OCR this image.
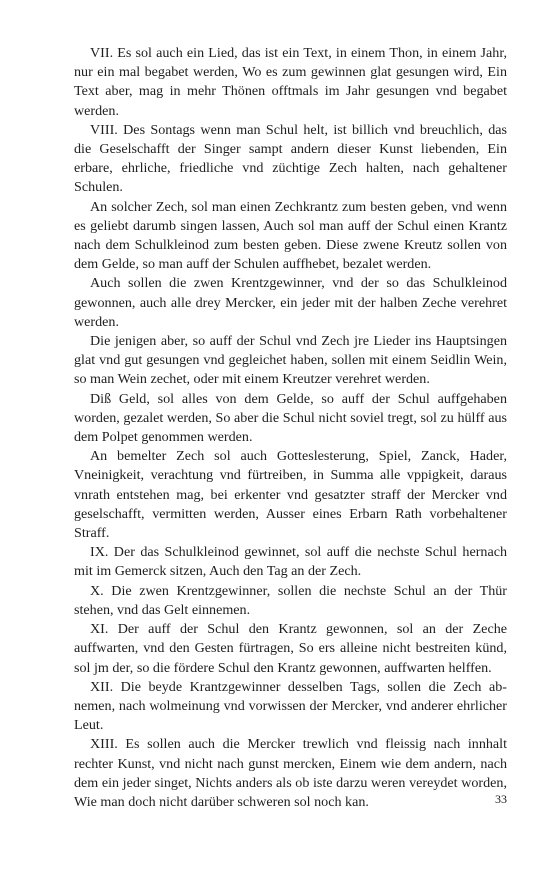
VII. Es sol auch ein Lied, das ist ein Text, in einem Thon, in einem Jahr, nur ein mal begabet werden, Wo es zum gewinnen glat gesungen wird, Ein Text aber, mag in mehr Thönen offtmals im Jahr gesungen vnd begabet werden.

VIII. Des Sontags wenn man Schul helt, ist billich vnd breuchlich, das die Geselschafft der Singer sampt andern dieser Kunst liebenden, Ein erbare, ehrliche, friedliche vnd züchtige Zech halten, nach gehaltener Schulen.

An solcher Zech, sol man einen Zechkrantz zum besten geben, vnd wenn es geliebt darumb singen lassen, Auch sol man auff der Schul einen Krantz nach dem Schulkleinod zum besten geben. Diese zwene Kreutz sollen von dem Gelde, so man auff der Schulen auffhebet, bezalet werden.

Auch sollen die zwen Krentzgewinner, vnd der so das Schulkleinod gewonnen, auch alle drey Mercker, ein jeder mit der halben Zeche verehret werden.

Die jenigen aber, so auff der Schul vnd Zech jre Lieder ins Hauptsingen glat vnd gut gesungen vnd gegleichet haben, sollen mit einem Seidlin Wein, so man Wein zechet, oder mit einem Kreutzer verehret werden.

Diß Geld, sol alles von dem Gelde, so auff der Schul auffgehaben worden, gezalet werden, So aber die Schul nicht soviel tregt, sol zu hülff aus dem Polpet genommen werden.

An bemelter Zech sol auch Gotteslesterung, Spiel, Zanck, Hader, Vneinigkeit, verachtung vnd fürtreiben, in Summa alle vppigkeit, daraus vnrath entstehen mag, bei erkenter vnd gesatzter straff der Mercker vnd geselschafft, vermitten werden, Ausser eines Erbarn Rath vorbehaltener Straff.

IX. Der das Schulkleinod gewinnet, sol auff die nechste Schul hernach mit im Gemerck sitzen, Auch den Tag an der Zech.

X. Die zwen Krentzgewinner, sollen die nechste Schul an der Thür stehen, vnd das Gelt einnemen.

XI. Der auff der Schul den Krantz gewonnen, sol an der Zeche auffwarten, vnd den Gesten fürtragen, So ers alleine nicht bestreiten künd, sol jm der, so die fördere Schul den Krantz gewonnen, auffwarten helffen.

XII. Die beyde Krantzgewinner desselben Tags, sollen die Zech abnemen, nach wolmeinung vnd vorwissen der Mercker, vnd anderer ehrlicher Leut.

XIII. Es sollen auch die Mercker trewlich vnd fleissig nach innhalt rechter Kunst, vnd nicht nach gunst mercken, Einem wie dem andern, nach dem ein jeder singet, Nichts anders als ob iste darzu weren vereydet worden, Wie man doch nicht darüber schweren sol noch kan.	33
